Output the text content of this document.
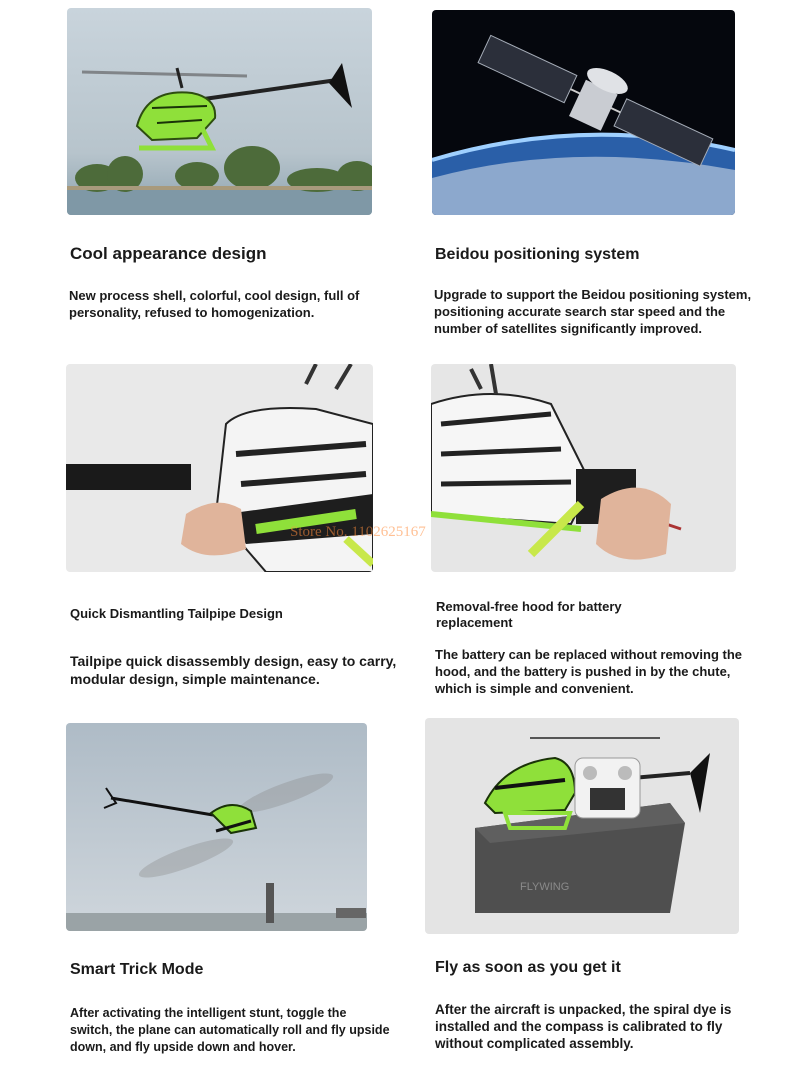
Cool appearance design

New process shell, colorful, cool design, full of personality, refused to homogenization.

Beidou positioning system

Upgrade to support the Beidou positioning system, positioning accurate search star speed and the number of satellites significantly improved.

Store No. 1102625167
Quick Dismantling Tailpipe Design

Tailpipe quick disassembly design, easy to carry, modular design, simple maintenance.

Removal-free hood for battery replacement

The battery can be replaced without removing the hood, and the battery is pushed in by the chute, which is simple and convenient.

FLYWING
Smart Trick Mode

After activating the intelligent stunt, toggle the switch, the plane can automatically roll and fly upside down, and fly upside down and hover.

Fly as soon as you get it

After the aircraft is unpacked, the spiral dye is installed and the compass is calibrated to fly without complicated assembly.
